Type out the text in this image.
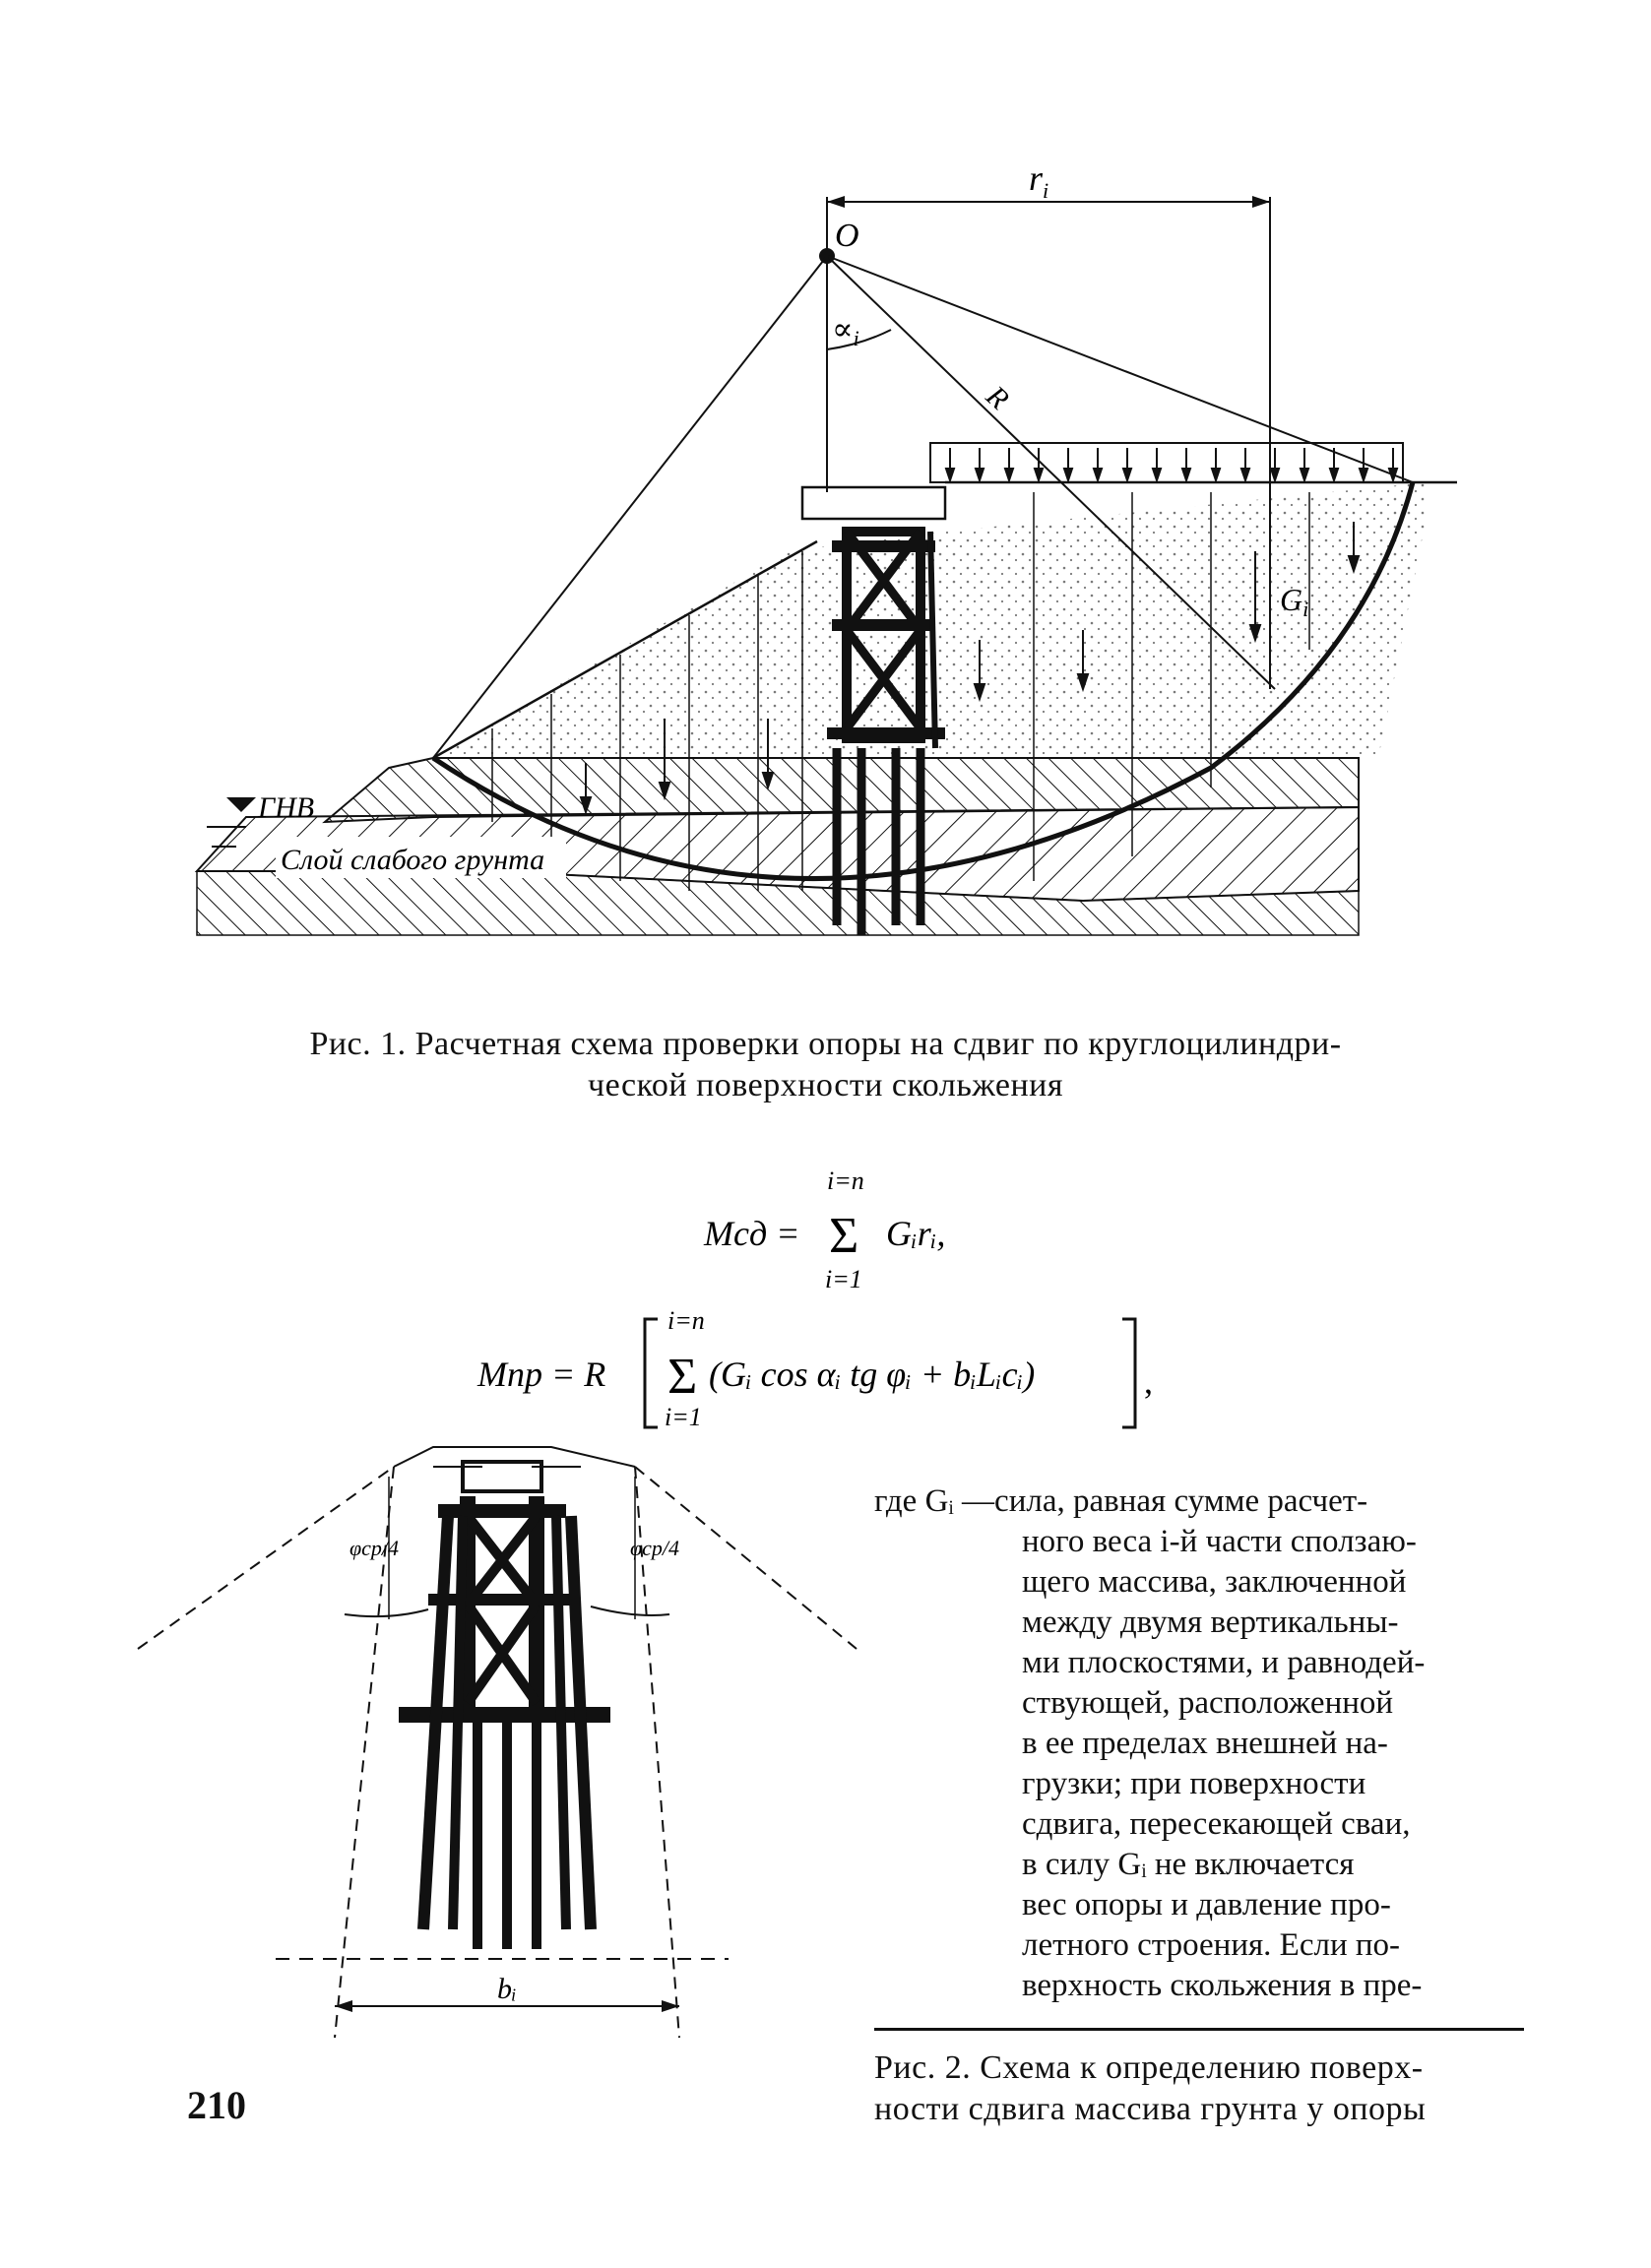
ГНВ
Слой слабого грунта
О
$r_i$
∝i
R
Gi
Рис. 1. Расчетная схема проверки опоры на сдвиг по круглоцилиндри-
ческой поверхности скольжения
i=n
Mсд = Σ Gᵢrᵢ,
i=1
i=n
Mпр = R Σ (Gᵢ cos αᵢ tg φᵢ + bᵢLᵢcᵢ)
i=1
,
φср/4	φср/4
bᵢ
где Gᵢ —сила, равная сумме расчет-
ного веса i-й части сползаю-
щего массива, заключенной
между двумя вертикальны-
ми плоскостями, и равнодей-
ствующей, расположенной
в ее пределах внешней на-
грузки; при поверхности
сдвига, пересекающей сваи,
в силу Gᵢ не включается
вес опоры и давление про-
летного строения. Если по-
верхность скольжения в пре-
Рис. 2. Схема к определению поверх-
ности сдвига массива грунта у опоры
210
